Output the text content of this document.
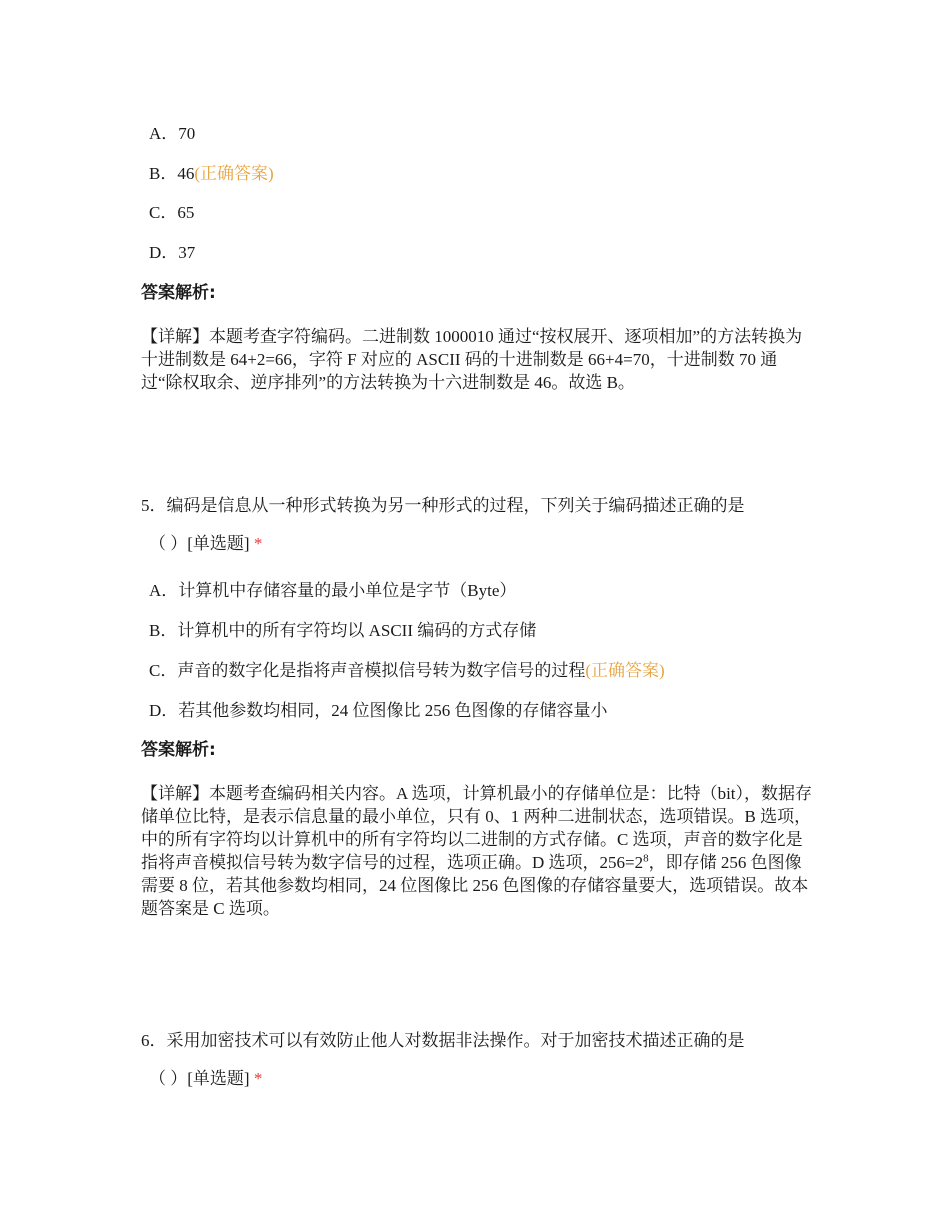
A．70
B．46(正确答案)
C．65
D．37
答案解析:
【详解】本题考查字符编码。二进制数 1000010 通过“按权展开、逐项相加”的方法转换为十进制数是 64+2=66，字符 F 对应的 ASCII 码的十进制数是 66+4=70，十进制数 70 通过“除权取余、逆序排列”的方法转换为十六进制数是 46。故选 B。
5．编码是信息从一种形式转换为另一种形式的过程，下列关于编码描述正确的是
（ ）[单选题] *
A．计算机中存储容量的最小单位是字节（Byte）
B．计算机中的所有字符均以 ASCII 编码的方式存储
C．声音的数字化是指将声音模拟信号转为数字信号的过程(正确答案)
D．若其他参数均相同，24 位图像比 256 色图像的存储容量小
答案解析:
【详解】本题考查编码相关内容。A 选项，计算机最小的存储单位是：比特（bit），数据存储单位比特，是表示信息量的最小单位，只有 0、1 两种二进制状态，选项错误。B 选项，中的所有字符均以计算机中的所有字符均以二进制的方式存储。C 选项，声音的数字化是指将声音模拟信号转为数字信号的过程，选项正确。D 选项，$256=2^8$，即存储 256 色图像需要 8 位，若其他参数均相同，24 位图像比 256 色图像的存储容量要大，选项错误。故本题答案是 C 选项。
6．采用加密技术可以有效防止他人对数据非法操作。对于加密技术描述正确的是
（ ）[单选题] *
